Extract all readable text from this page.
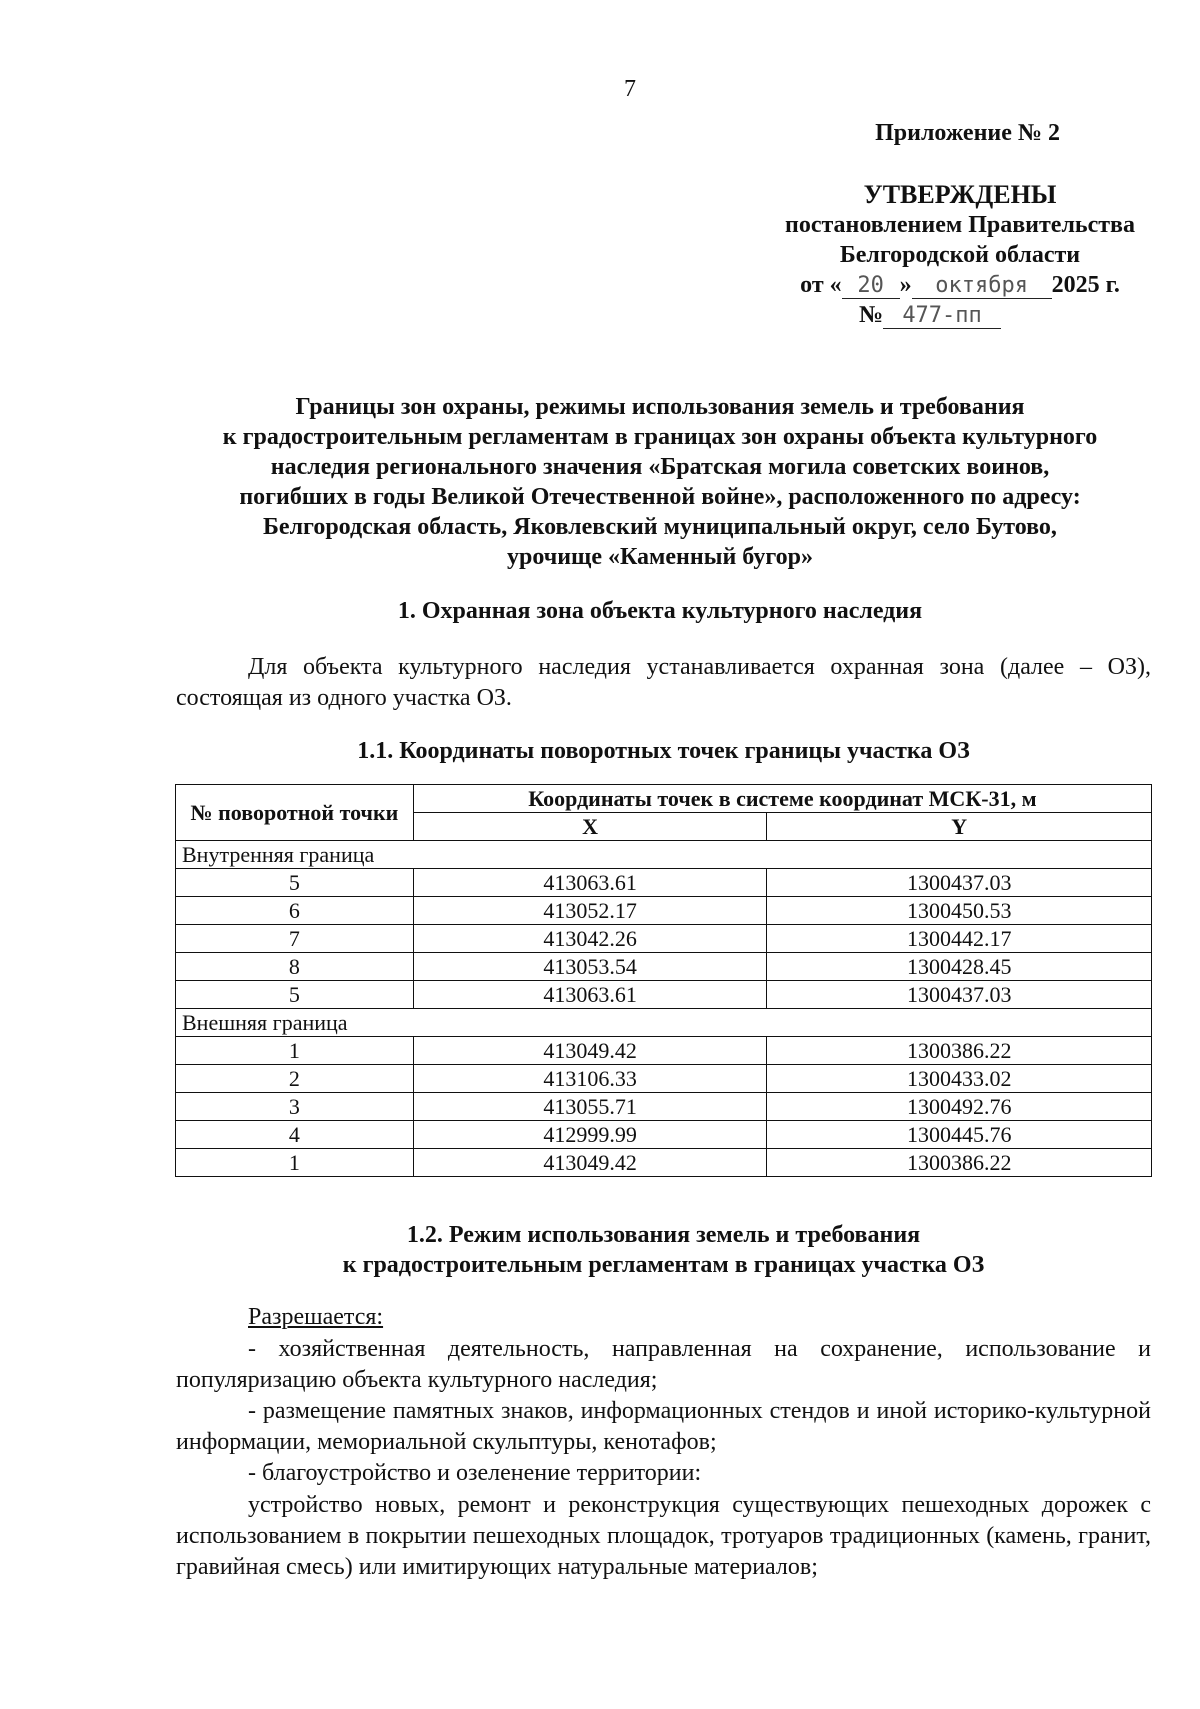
7
Приложение № 2
УТВЕРЖДЕНЫ
постановлением Правительства
Белгородской области
от « 20 » октября 2025 г.
№ 477-пп
Границы зон охраны, режимы использования земель и требования
к градостроительным регламентам в границах зон охраны объекта культурного
наследия регионального значения «Братская могила советских воинов,
погибших в годы Великой Отечественной войне», расположенного по адресу:
Белгородская область, Яковлевский муниципальный округ, село Бутово,
урочище «Каменный бугор»
1. Охранная зона объекта культурного наследия
Для объекта культурного наследия устанавливается охранная зона (далее – ОЗ), состоящая из одного участка ОЗ.
1.1. Координаты поворотных точек границы участка ОЗ
№ поворотной точки	Координаты точек в системе координат МСК-31, м	
	X	Y
Внутренняя граница		
5	413063.61	1300437.03
6	413052.17	1300450.53
7	413042.26	1300442.17
8	413053.54	1300428.45
5	413063.61	1300437.03
Внешняя граница		
1	413049.42	1300386.22
2	413106.33	1300433.02
3	413055.71	1300492.76
4	412999.99	1300445.76
1	413049.42	1300386.22
1.2. Режим использования земель и требования
к градостроительным регламентам в границах участка ОЗ
Разрешается:
- хозяйственная деятельность, направленная на сохранение, использование и популяризацию объекта культурного наследия;
- размещение памятных знаков, информационных стендов и иной историко-культурной информации, мемориальной скульптуры, кенотафов;
- благоустройство и озеленение территории:
устройство новых, ремонт и реконструкция существующих пешеходных дорожек с использованием в покрытии пешеходных площадок, тротуаров традиционных (камень, гранит, гравийная смесь) или имитирующих натуральные материалов;
